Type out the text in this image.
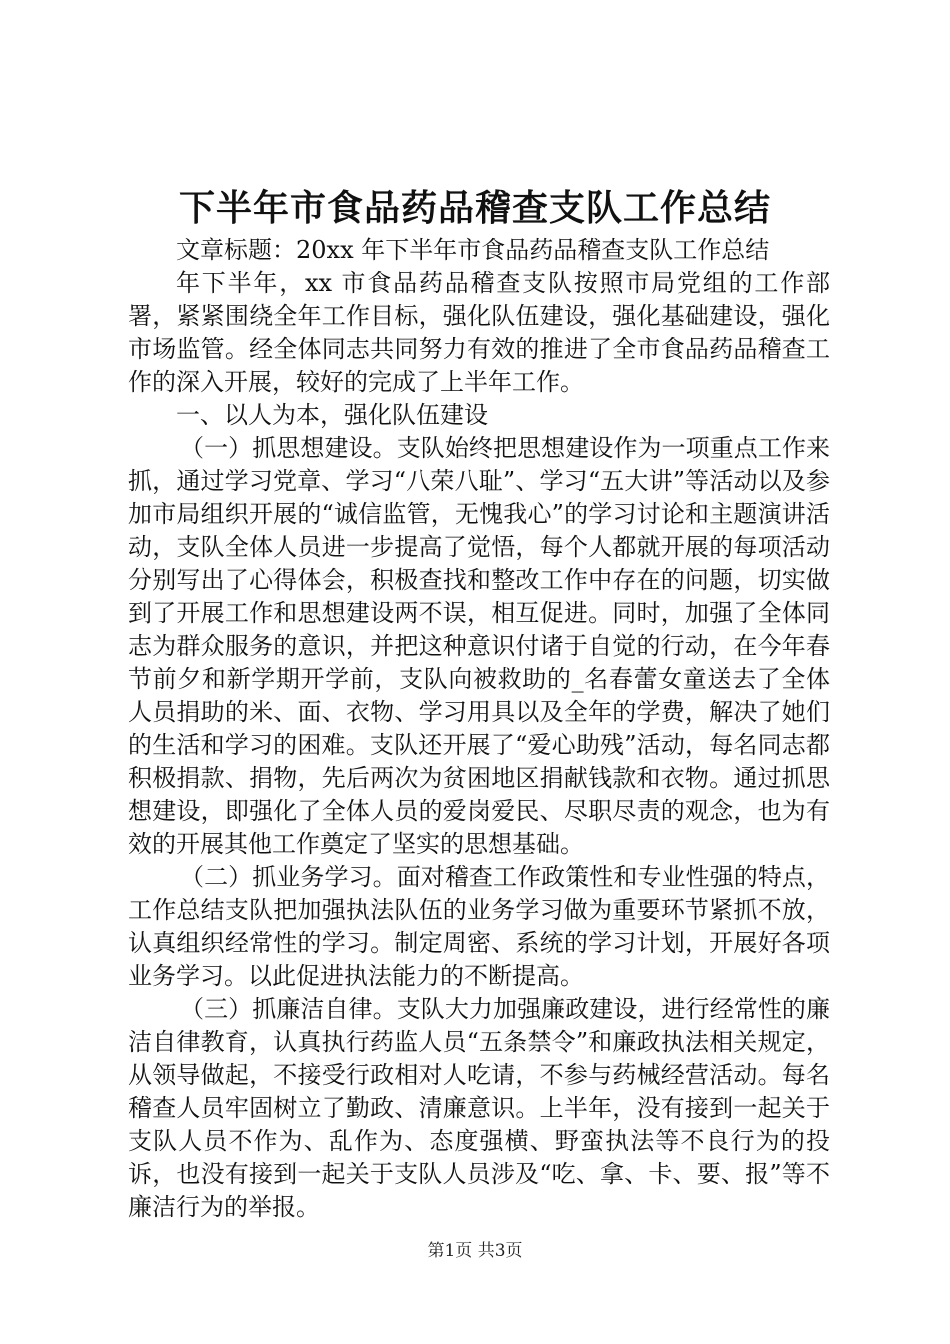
下半年市食品药品稽查支队工作总结

文章标题：20xx 年下半年市食品药品稽查支队工作总结

年下半年，xx 市食品药品稽查支队按照市局党组的工作部署，紧紧围绕全年工作目标，强化队伍建设，强化基础建设，强化市场监管。经全体同志共同努力有效的推进了全市食品药品稽查工作的深入开展，较好的完成了上半年工作。

一、以人为本，强化队伍建设

（一）抓思想建设。支队始终把思想建设作为一项重点工作来抓，通过学习党章、学习“八荣八耻”、学习“五大讲”等活动以及参加市局组织开展的“诚信监管，无愧我心”的学习讨论和主题演讲活动，支队全体人员进一步提高了觉悟，每个人都就开展的每项活动分别写出了心得体会，积极查找和整改工作中存在的问题，切实做到了开展工作和思想建设两不误，相互促进。同时，加强了全体同志为群众服务的意识，并把这种意识付诸于自觉的行动，在今年春节前夕和新学期开学前，支队向被救助的_名春蕾女童送去了全体人员捐助的米、面、衣物、学习用具以及全年的学费，解决了她们的生活和学习的困难。支队还开展了“爱心助残”活动，每名同志都积极捐款、捐物，先后两次为贫困地区捐献钱款和衣物。通过抓思想建设，即强化了全体人员的爱岗爱民、尽职尽责的观念，也为有效的开展其他工作奠定了坚实的思想基础。

（二）抓业务学习。面对稽查工作政策性和专业性强的特点，工作总结支队把加强执法队伍的业务学习做为重要环节紧抓不放，认真组织经常性的学习。制定周密、系统的学习计划，开展好各项业务学习。以此促进执法能力的不断提高。

（三）抓廉洁自律。支队大力加强廉政建设，进行经常性的廉洁自律教育，认真执行药监人员“五条禁令”和廉政执法相关规定，从领导做起，不接受行政相对人吃请，不参与药械经营活动。每名稽查人员牢固树立了勤政、清廉意识。上半年，没有接到一起关于支队人员不作为、乱作为、态度强横、野蛮执法等不良行为的投诉，也没有接到一起关于支队人员涉及“吃、拿、卡、要、报”等不廉洁行为的举报。

第1页 共3页
